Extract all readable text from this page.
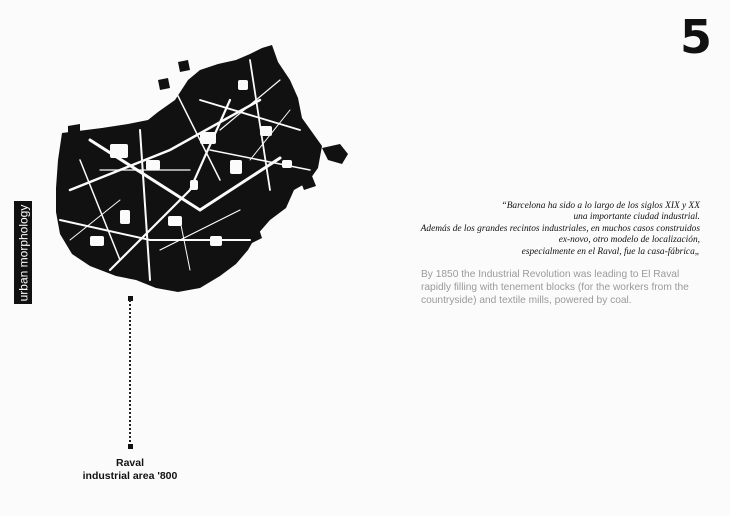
5
urban morphology
Raval
industrial area '800
“Barcelona ha sido a lo largo de los siglos XIX y XX
una importante ciudad industrial.
Además de los grandes recintos industriales, en muchos casos construidos
ex-novo, otro modelo de localización,
especialmente en el Raval, fue la casa-fábrica„
By 1850 the Industrial Revolution was leading to El Raval
rapidly filling with tenement blocks (for the workers from the
countryside) and textile mills, powered by coal.
